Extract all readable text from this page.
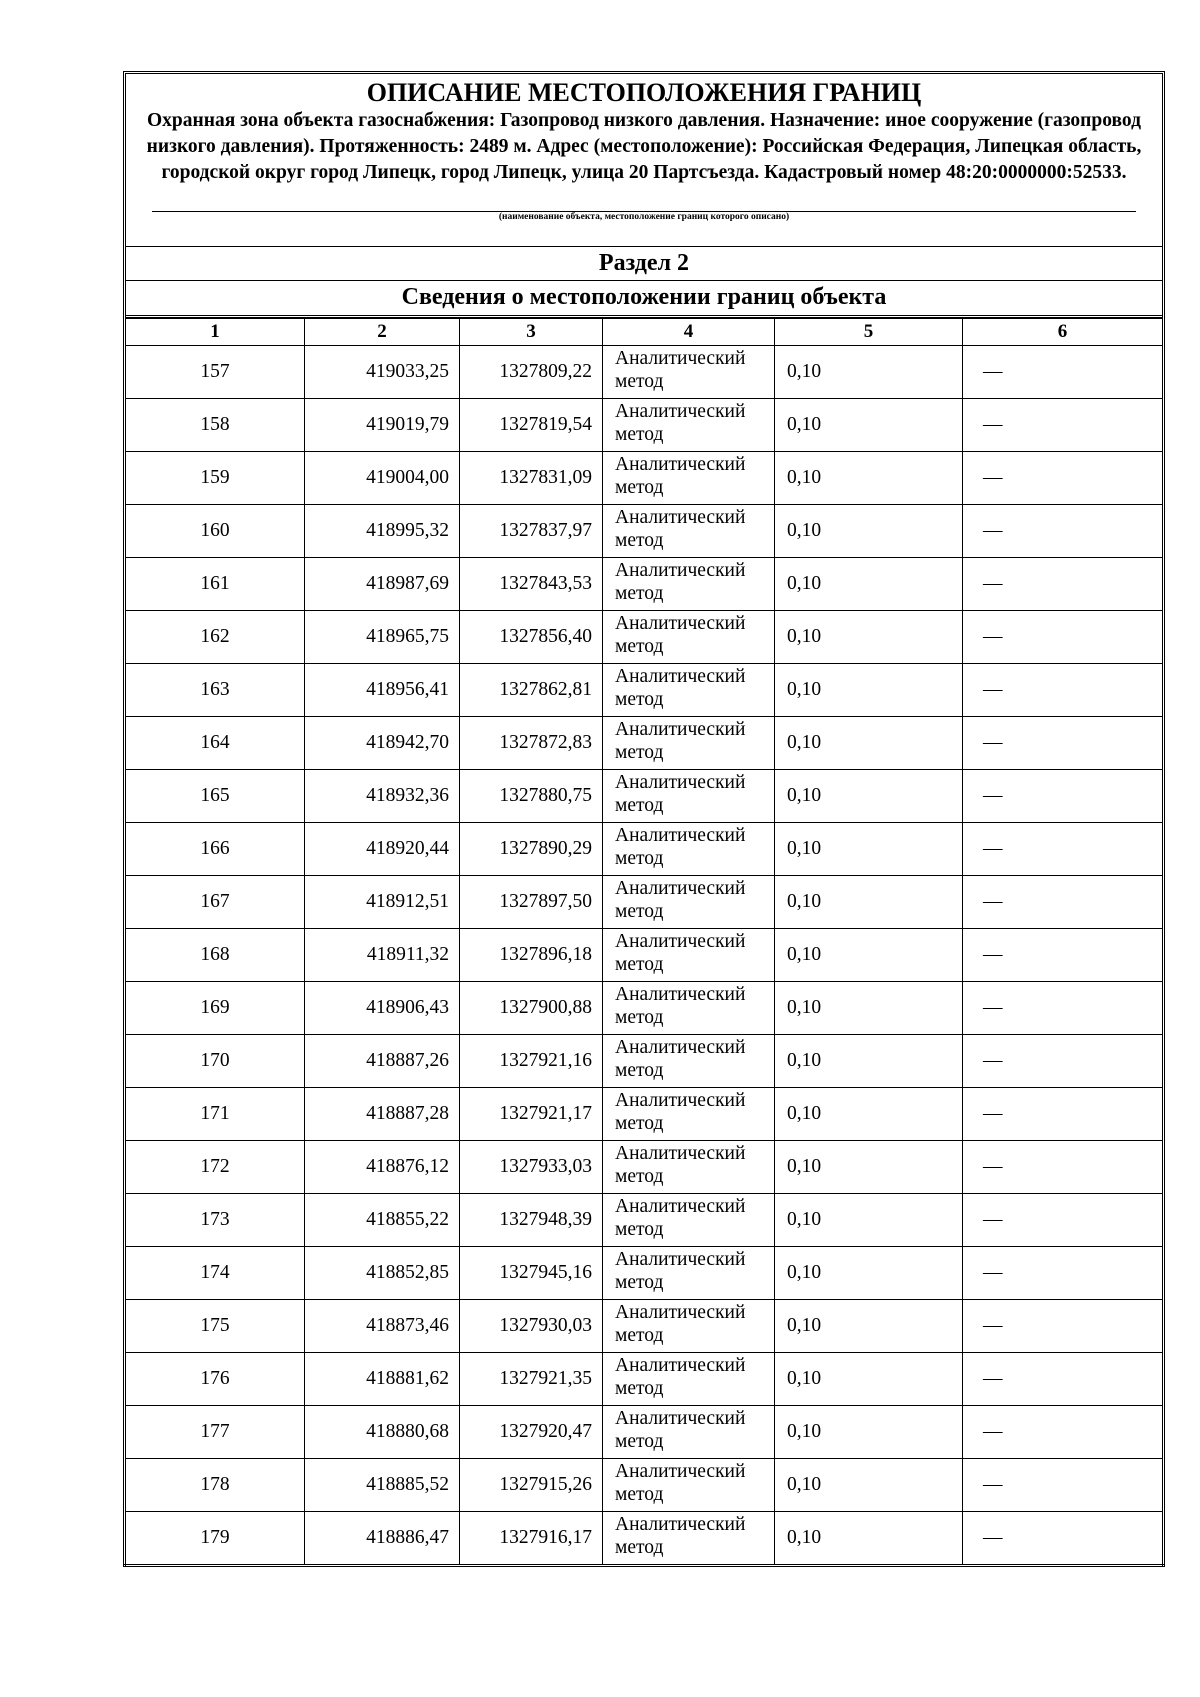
ОПИСАНИЕ МЕСТОПОЛОЖЕНИЯ ГРАНИЦ
Охранная зона объекта газоснабжения: Газопровод низкого давления. Назначение: иное сооружение (газопровод низкого давления). Протяженность: 2489 м. Адрес (местоположение): Российская Федерация, Липецкая область, городской округ город Липецк, город Липецк, улица 20 Партсъезда. Кадастровый номер 48:20:0000000:52533.
(наименование объекта, местоположение границ которого описано)
Раздел 2
Сведения о местоположении границ объекта
1	2	3	4	5	6
157	419033,25	1327809,22	Аналитический метод	0,10	—
158	419019,79	1327819,54	Аналитический метод	0,10	—
159	419004,00	1327831,09	Аналитический метод	0,10	—
160	418995,32	1327837,97	Аналитический метод	0,10	—
161	418987,69	1327843,53	Аналитический метод	0,10	—
162	418965,75	1327856,40	Аналитический метод	0,10	—
163	418956,41	1327862,81	Аналитический метод	0,10	—
164	418942,70	1327872,83	Аналитический метод	0,10	—
165	418932,36	1327880,75	Аналитический метод	0,10	—
166	418920,44	1327890,29	Аналитический метод	0,10	—
167	418912,51	1327897,50	Аналитический метод	0,10	—
168	418911,32	1327896,18	Аналитический метод	0,10	—
169	418906,43	1327900,88	Аналитический метод	0,10	—
170	418887,26	1327921,16	Аналитический метод	0,10	—
171	418887,28	1327921,17	Аналитический метод	0,10	—
172	418876,12	1327933,03	Аналитический метод	0,10	—
173	418855,22	1327948,39	Аналитический метод	0,10	—
174	418852,85	1327945,16	Аналитический метод	0,10	—
175	418873,46	1327930,03	Аналитический метод	0,10	—
176	418881,62	1327921,35	Аналитический метод	0,10	—
177	418880,68	1327920,47	Аналитический метод	0,10	—
178	418885,52	1327915,26	Аналитический метод	0,10	—
179	418886,47	1327916,17	Аналитический метод	0,10	—
